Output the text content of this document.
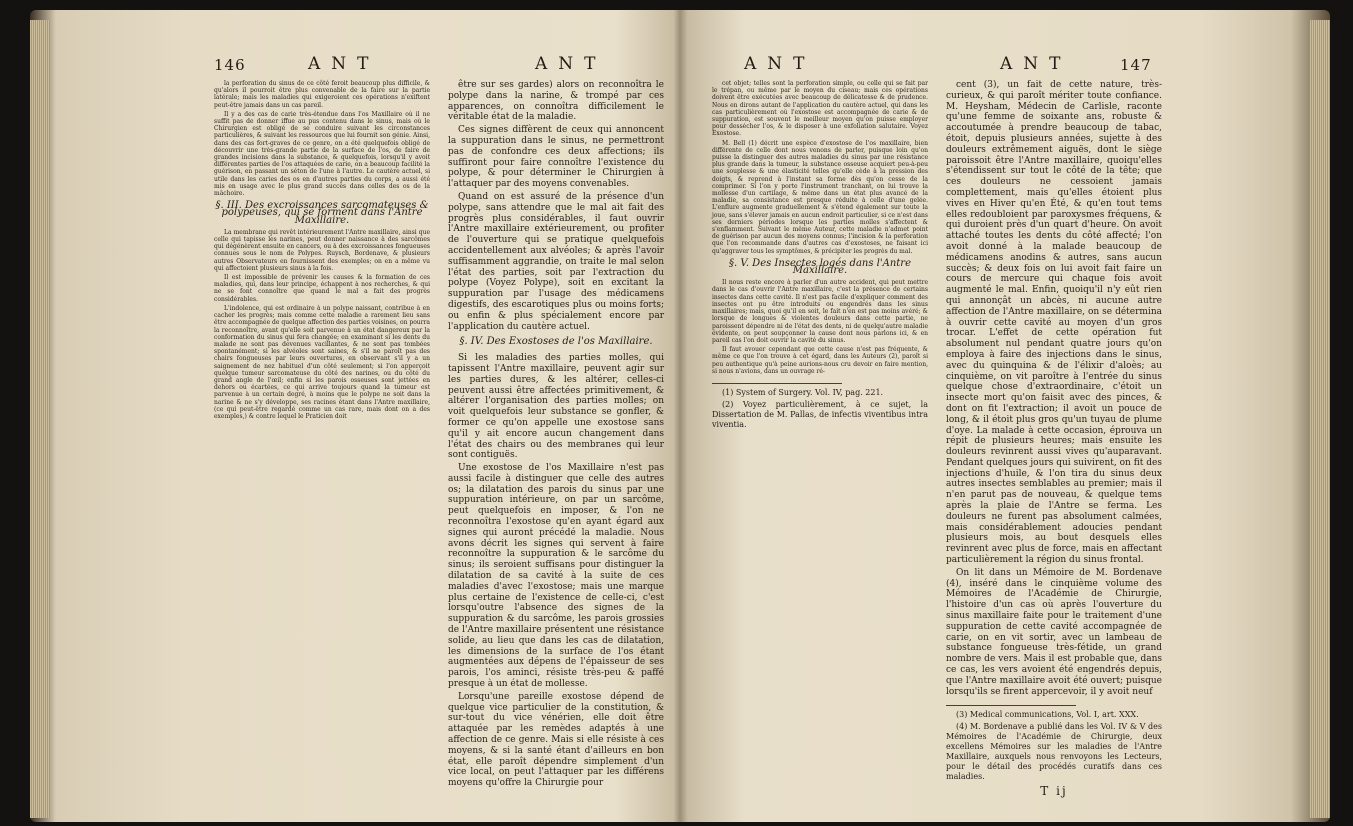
146	ANT	ANT

la perforation du sinus de ce côté feroit beaucoup plus difficile, & qu'alors il pourroit être plus convenable de la faire sur la partie latérale; mais les maladies qui exigeroient ces opérations n'exiftent peut-être jamais dans un cas pareil.

Il y a des cas de carie très-étendue dans l'os Maxillaire où il ne suffit pas de donner iffue au pus contenu dans le sinus, mais où le Chirurgien est obligé de se conduire suivant les circonstances particulières, & suivant les ressources que lui fournit son génie. Ainsi, dans des cas fort-graves de ce genre, on a été quelquefois obligé de découvrir une très-grande partie de la surface de l'os, de faire de grandes incisions dans la substance, & quelquefois, lorsqu'il y avoit différentes parties de l'os attaquées de carie, on a beaucoup facilité la guérison, en passant un séton de l'une à l'autre. Le cautère actuel, si utile dans les caries des os en d'autres parties du corps, a aussi été mis en usage avec le plus grand succès dans celles des os de la mâchoire.

§. III. Des excroissances sarcomateuses & polypeuses, qui se forment dans l'Antre Maxillaire.

La membrane qui revêt intérieurement l'Antre maxillaire, ainsi que celle qui tapisse les narines, peut donner naissance à des sarcômes qui dégénèrent ensuite en cancers, ou à des excroissances fongueuses connues sous le nom de Polypes. Ruysch, Bordenave, & plusieurs autres Observateurs en fournissent des exemples; on en a même vu qui affectoient plusieurs sinus à la fois.

Il est impossible de prévenir les causes & la formation de ces maladies, qui, dans leur principe, échappent à nos recherches, & qui ne se font connoître que quand le mal a fait des progrès considérables.

L'indolence, qui est ordinaire à un polype naissant, contribue à en cacher les progrès; mais comme cette maladie a rarement lieu sans être accompagnée de quelque affection des parties voisines, on pourra la reconnoître, avant qu'elle soit parvenue à un état dangereux par la conformation du sinus qui fera changée; en examinant si les dents du malade ne sont pas devenues vacillantes, & ne sont pas tombées spontanément; si les alvéoles sont saines, & s'il ne paroît pas des chairs fongueuses par leurs ouvertures, en observant s'il y a un saignement de nez habituel d'un côté seulement; si l'on apperçoit quelque tumeur sarcomateuse du côté des narines, ou du côté du grand angle de l'œil; enfin si les parois osseuses sont jettées en dehors ou écartées, ce qui arrive toujours quand la tumeur est parvenue à un certain degré, à moins que le polype ne soit dans la narine & ne s'y développe, ses racines étant dans l'Antre maxillaire, (ce qui peut-être regardé comme un cas rare, mais dont on a des exemples,) & contre lequel le Praticien doit

être sur ses gardes) alors on reconnoîtra le polype dans la narine, & trompé par ces apparences, on connoîtra difficilement le véritable état de la maladie.

Ces signes diffèrent de ceux qui annoncent la suppuration dans le sinus, ne permettront pas de confondre ces deux affections; ils suffiront pour faire connoître l'existence du polype, & pour déterminer le Chirurgien à l'attaquer par des moyens convenables.

Quand on est assuré de la présence d'un polype, sans attendre que le mal ait fait des progrès plus considérables, il faut ouvrir l'Antre maxillaire extérieurement, ou profiter de l'ouverture qui se pratique quelquefois accidentellement aux alvéoles; & après l'avoir suffisamment aggrandie, on traite le mal selon l'état des parties, soit par l'extraction du polype (Voyez Polype), soit en excitant la suppuration par l'usage des médicamens digestifs, des escarotiques plus ou moins forts; ou enfin & plus spécialement encore par l'application du cautère actuel.

§. IV. Des Exostoses de l'os Maxillaire.

Si les maladies des parties molles, qui tapissent l'Antre maxillaire, peuvent agir sur les parties dures, & les altérer, celles-ci peuvent aussi être affectées primitivement, & altérer l'organisation des parties molles; on voit quelquefois leur substance se gonfler, & former ce qu'on appelle une exostose sans qu'il y ait encore aucun changement dans l'état des chairs ou des membranes qui leur sont contiguës.

Une exostose de l'os Maxillaire n'est pas aussi facile à distinguer que celle des autres os; la dilatation des parois du sinus par une suppuration intérieure, on par un sarcôme, peut quelquefois en imposer, & l'on ne reconnoîtra l'exostose qu'en ayant égard aux signes qui auront précédé la maladie. Nous avons décrit les signes qui servent à faire reconnoître la suppuration & le sarcôme du sinus; ils seroient suffisans pour distinguer la dilatation de sa cavité à la suite de ces maladies d'avec l'exostose; mais une marque plus certaine de l'existence de celle-ci, c'est lorsqu'outre l'absence des signes de la suppuration & du sarcôme, les parois grossies de l'Antre maxillaire présentent une résistance solide, au lieu que dans les cas de dilatation, les dimensions de la surface de l'os étant augmentées aux dépens de l'épaisseur de ses parois, l'os aminci, résiste très-peu & paffé presque à un état de mollesse.

Lorsqu'une pareille exostose dépend de quelque vice particulier de la constitution, & sur-tout du vice vénérien, elle doit être attaquée par les remèdes adaptés à une affection de ce genre. Mais si elle résiste à ces moyens, & si la santé étant d'ailleurs en bon état, elle paroît dépendre simplement d'un vice local, on peut l'attaquer par les différens moyens qu'offre la Chirurgie pour

ANT	ANT	147

cet objet; telles sont la perforation simple, ou celle qui se fait par le trépan, ou même par le moyen du ciseau; mais ces opérations doivent être exécutées avec beaucoup de délicatesse & de prudence. Nous en dirons autant de l'application du cautère actuel, qui dans les cas particulièrement où l'exostose est accompagnée de carie & de suppuration, est souvent le meilleur moyen qu'on puisse employer pour dessécher l'os, & le disposer à une exfoliation salutaire. Voyez Exostose.

M. Bell (1) décrit une espèce d'exostose de l'os maxillaire, bien différente de celle dont nous venons de parler, puisque loin qu'on puisse la distinguer des autres maladies du sinus par une résistance plus grande dans la tumeur, la substance osseuse acquiert peu-à-peu une souplesse & une élasticité telles qu'elle cède à la pression des doigts, & reprend à l'instant sa forme dès qu'on cesse de la comprimer. Si l'on y porte l'instrument tranchant, on lui trouve la mollesse d'un cartilage, & même dans un état plus avancé de la maladie, sa consistance est presque réduite à celle d'une gelée. L'enflure augmente graduellement & s'étend également sur toute la joue, sans s'élever jamais en aucun endroit particulier, si ce n'est dans ses derniers périodes lorsque les parties molles s'affectent & s'enflamment. Suivant le même Auteur, cette maladie n'admet point de guérison par aucun des moyens connus; l'incision & la perforation que l'on recommande dans d'autres cas d'exostoses, ne faisant ici qu'aggraver tous les symptômes, & précipiter les progrès du mal.

§. V. Des Insectes logés dans l'Antre Maxillaire.

Il nous reste encore à parler d'un autre accident, qui peut mettre dans le cas d'ouvrir l'Antre maxillaire, c'est la présence de certains insectes dans cette cavité. Il n'est pas facile d'expliquer comment des insectes ont pu être introduits ou engendrés dans les sinus maxillaires; mais, quoi qu'il en soit, le fait n'en est pas moins avéré; & lorsque de longues & violentes douleurs dans cette partie, ne paroissent dépendre ni de l'état des dents, ni de quelqu'autre maladie évidente, on peut soupçonner la cause dont nous parlons ici, & en pareil cas l'on doit ouvrir la cavité du sinus.

Il faut avouer cependant que cette cause n'est pas fréquente, & même ce que l'on trouve à cet égard, dans les Auteurs (2), paroît si peu authentique qu'à peine aurions-nous cru devoir en faire mention, si nous n'avions, dans un ouvrage ré-

(1) System of Surgery. Vol. IV, pag. 221.

(2) Voyez particulièrement, à ce sujet, la Dissertation de M. Pallas, de infectis viventibus intra viventia.

cent (3), un fait de cette nature, très-curieux, & qui paroît mériter toute confiance. M. Heysham, Médecin de Carlisle, raconte qu'une femme de soixante ans, robuste & accoutumée à prendre beaucoup de tabac, étoit, depuis plusieurs années, sujette à des douleurs extrêmement aiguës, dont le siège paroissoit être l'Antre maxillaire, quoiqu'elles s'étendissent sur tout le côté de la tête; que ces douleurs ne cessoient jamais complettement, mais qu'elles étoient plus vives en Hiver qu'en Été, & qu'en tout tems elles redoubloient par paroxysmes fréquens, & qui duroient près d'un quart d'heure. On avoit attaché toutes les dents du côté affecté; l'on avoit donné à la malade beaucoup de médicamens anodins & autres, sans aucun succès; & deux fois on lui avoit fait faire un cours de mercure qui chaque fois avoit augmenté le mal. Enfin, quoiqu'il n'y eût rien qui annonçât un abcès, ni aucune autre affection de l'Antre maxillaire, on se détermina à ouvrir cette cavité au moyen d'un gros trocar. L'effet de cette opération fut absolument nul pendant quatre jours qu'on employa à faire des injections dans le sinus, avec du quinquina & de l'élixir d'aloès; au cinquième, on vit paroître à l'entrée du sinus quelque chose d'extraordinaire, c'étoit un insecte mort qu'on faisit avec des pinces, & dont on fit l'extraction; il avoit un pouce de long, & il étoit plus gros qu'un tuyau de plume d'oye. La malade à cette occasion, éprouva un répit de plusieurs heures; mais ensuite les douleurs revinrent aussi vives qu'auparavant. Pendant quelques jours qui suivirent, on fit des injections d'huile, & l'on tira du sinus deux autres insectes semblables au premier; mais il n'en parut pas de nouveau, & quelque tems après la plaie de l'Antre se ferma. Les douleurs ne furent pas absolument calmées, mais considérablement adoucies pendant plusieurs mois, au bout desquels elles revinrent avec plus de force, mais en affectant particulièrement la région du sinus frontal.

On lit dans un Mémoire de M. Bordenave (4), inséré dans le cinquième volume des Mémoires de l'Académie de Chirurgie, l'histoire d'un cas où après l'ouverture du sinus maxillaire faite pour le traitement d'une suppuration de cette cavité accompagnée de carie, on en vit sortir, avec un lambeau de substance fongueuse très-fétide, un grand nombre de vers. Mais il est probable que, dans ce cas, les vers avoient été engendrés depuis, que l'Antre maxillaire avoit été ouvert; puisque lorsqu'ils se firent appercevoir, il y avoit neuf

(3) Medical communications, Vol. I, art. XXX.

(4) M. Bordenave a publié dans les Vol. IV & V des Mémoires de l'Académie de Chirurgie, deux excellens Mémoires sur les maladies de l'Antre Maxillaire, auxquels nous renvoyons les Lecteurs, pour le détail des procédés curatifs dans ces maladies.

T ij
